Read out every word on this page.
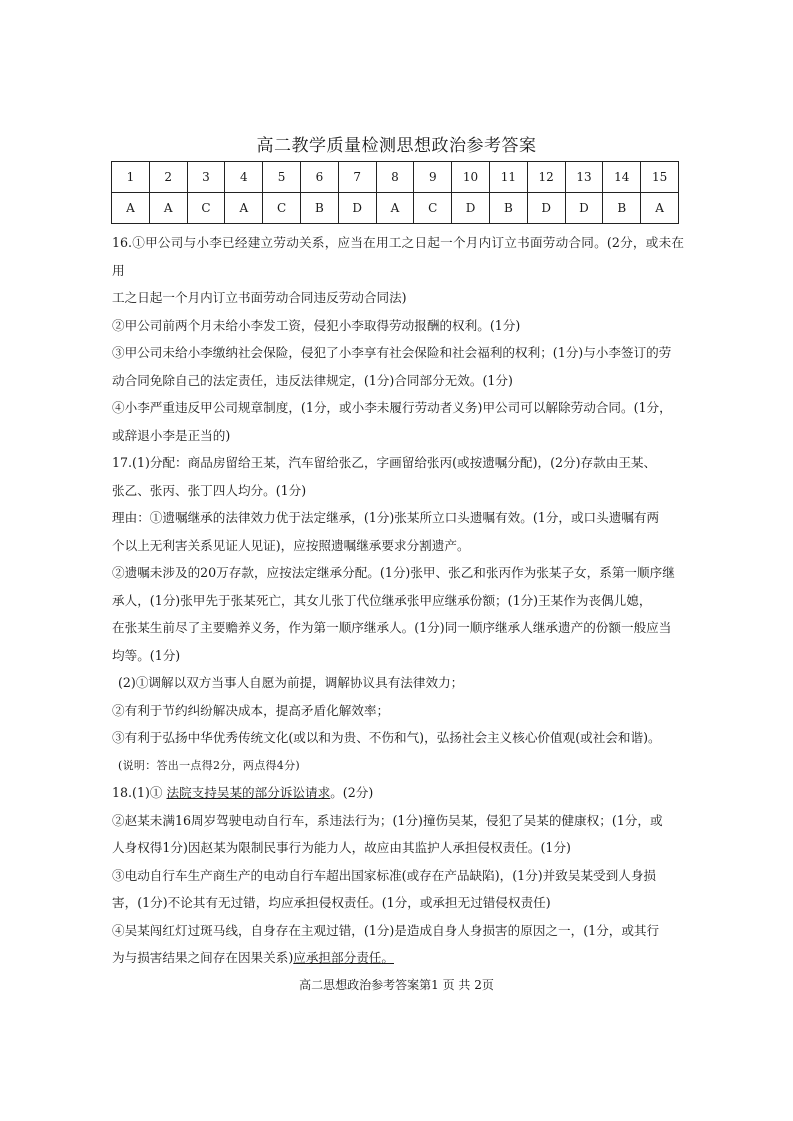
高二教学质量检测思想政治参考答案
1	2	3	4	5	6	7	8	9	10	11	12	13	14	15
A	A	C	A	C	B	D	A	C	D	B	D	D	B	A

16.①甲公司与小李已经建立劳动关系，应当在用工之日起一个月内订立书面劳动合同。(2分，或未在用

工之日起一个月内订立书面劳动合同违反劳动合同法)

②甲公司前两个月未给小李发工资，侵犯小李取得劳动报酬的权利。(1分)

③甲公司未给小李缴纳社会保险，侵犯了小李享有社会保险和社会福利的权利；(1分)与小李签订的劳

动合同免除自己的法定责任，违反法律规定，(1分)合同部分无效。(1分)

④小李严重违反甲公司规章制度，(1分，或小李未履行劳动者义务)甲公司可以解除劳动合同。(1分，

或辞退小李是正当的)

17.(1)分配：商品房留给王某，汽车留给张乙，字画留给张丙(或按遗嘱分配)，(2分)存款由王某、

张乙、张丙、张丁四人均分。(1分)

理由：①遗嘱继承的法律效力优于法定继承，(1分)张某所立口头遗嘱有效。(1分，或口头遗嘱有两

个以上无利害关系见证人见证)，应按照遗嘱继承要求分割遗产。

②遗嘱未涉及的20万存款，应按法定继承分配。(1分)张甲、张乙和张丙作为张某子女，系第一顺序继

承人，(1分)张甲先于张某死亡，其女儿张丁代位继承张甲应继承份额；(1分)王某作为丧偶儿媳，

在张某生前尽了主要赡养义务，作为第一顺序继承人。(1分)同一顺序继承人继承遗产的份额一般应当

均等。(1分)

(2)①调解以双方当事人自愿为前提，调解协议具有法律效力；

②有利于节约纠纷解决成本，提高矛盾化解效率；

③有利于弘扬中华优秀传统文化(或以和为贵、不伤和气)，弘扬社会主义核心价值观(或社会和谐)。

(说明：答出一点得2分，两点得4分)

18.(1)① 法院支持吴某的部分诉讼请求。(2分)

②赵某未满16周岁驾驶电动自行车，系违法行为；(1分)撞伤吴某，侵犯了吴某的健康权；(1分，或

人身权得1分)因赵某为限制民事行为能力人，故应由其监护人承担侵权责任。(1分)

③电动自行车生产商生产的电动自行车超出国家标准(或存在产品缺陷)，(1分)并致吴某受到人身损

害，(1分)不论其有无过错，均应承担侵权责任。(1分，或承担无过错侵权责任)

④吴某闯红灯过斑马线，自身存在主观过错，(1分)是造成自身人身损害的原因之一，(1分，或其行

为与损害结果之间存在因果关系)应承担部分责任。

高二思想政治参考答案第1 页 共 2页
